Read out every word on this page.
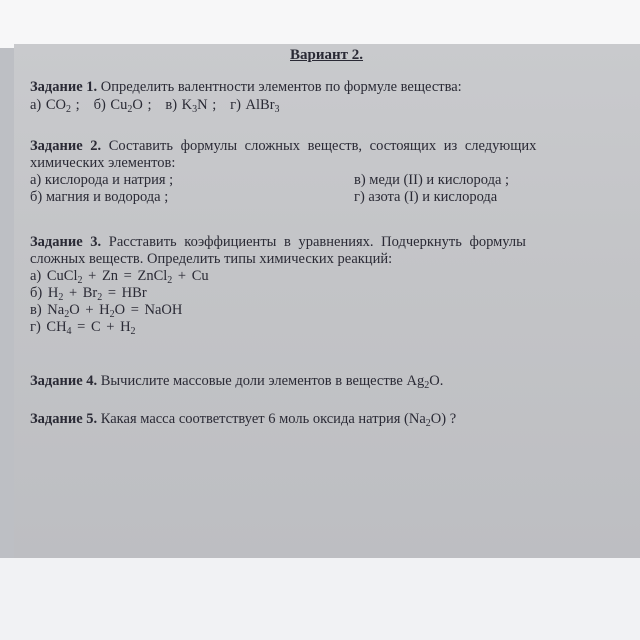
Вариант 2.
Задание 1. Определить валентности элементов по формуле вещества:
а) $CO_2$ ; б) $Cu_2O$ ; в) $K_3N$ ; г) AlBr$_3$
Задание 2. Составить формулы сложных веществ, состоящих из следующих
химических элементов:
а) кислорода и натрия ;	в) меди (II) и кислорода ;
б) магния и водорода ;	г) азота (I) и кислорода
Задание 3. Расставить коэффициенты в уравнениях. Подчеркнуть формулы
сложных веществ. Определить типы химических реакций:
а) CuCl$_2$ + Zn = ZnCl$_2$ + Cu
б) $H_2 + Br_2$ = HBr
в) $Na_2O + H_2O$ = NaOH
г) $CH_4 = C + H_2$
Задание 4. Вычислите массовые доли элементов в веществе $Ag_2O$.
Задание 5. Какая масса соответствует 6 моль оксида натрия $(Na_2O)$ ?
